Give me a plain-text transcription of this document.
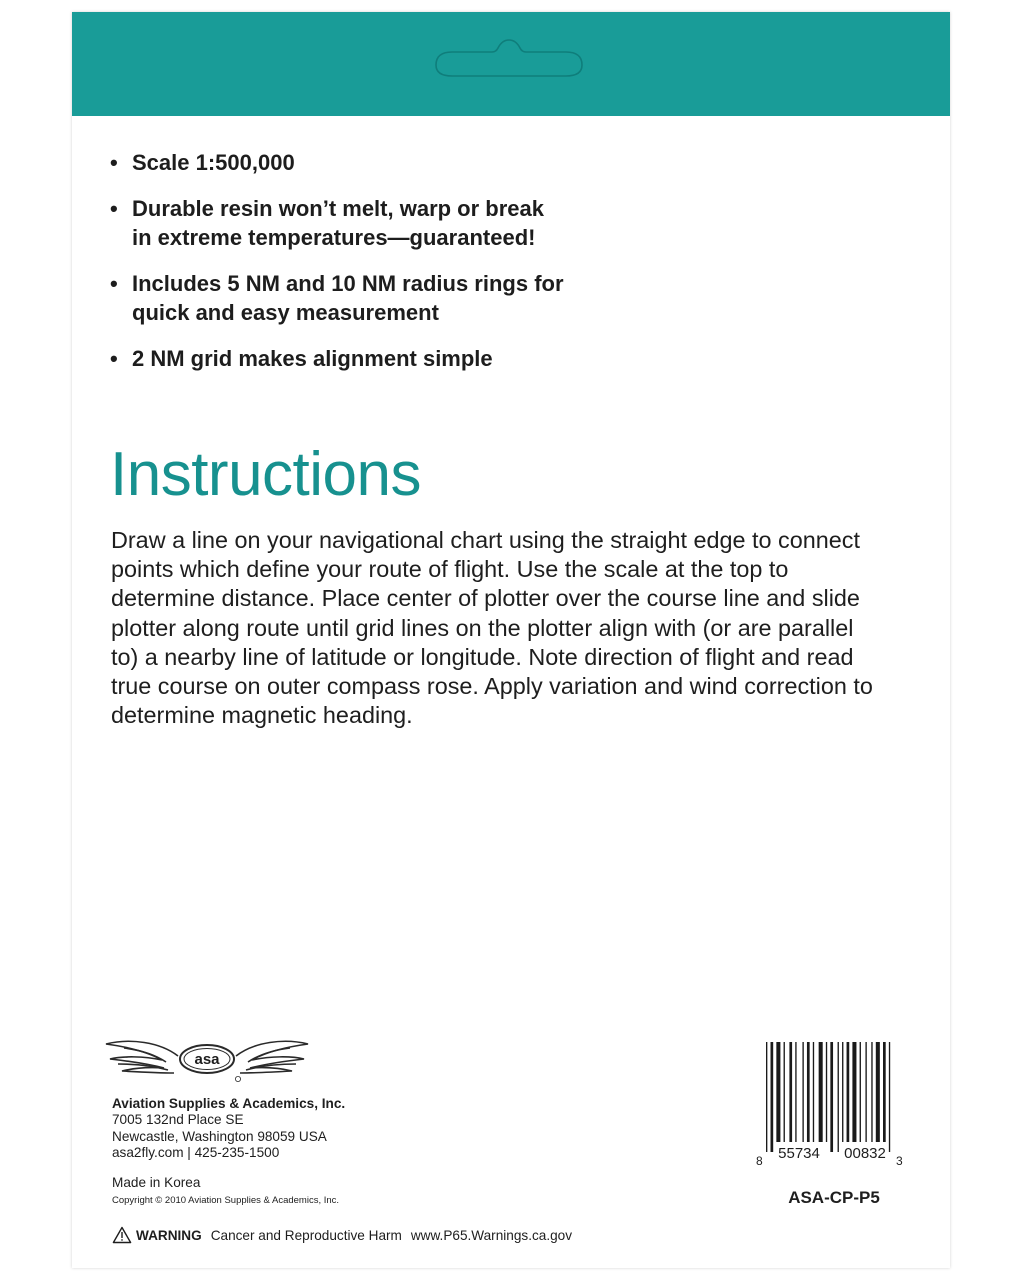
• Scale 1:500,000
• Durable resin won’t melt, warp or break
in extreme temperatures—guaranteed!
• Includes 5 NM and 10 NM radius rings for
quick and easy measurement
• 2 NM grid makes alignment simple
Instructions

Draw a line on your navigational chart using the straight edge to connect
points which define your route of flight. Use the scale at the top to
determine distance. Place center of plotter over the course line and slide
plotter along route until grid lines on the plotter align with (or are parallel
to) a nearby line of latitude or longitude. Note direction of flight and read
true course on outer compass rose. Apply variation and wind correction to
determine magnetic heading.

asa
Aviation Supplies & Academics, Inc.
7005 132nd Place SE
Newcastle, Washington 98059 USA
asa2fly.com | 425-235-1500
Made in Korea
Copyright © 2010 Aviation Supplies & Academics, Inc.
WARNING Cancer and Reproductive Harm www.P65.Warnings.ca.gov
8 55734 00832 3
ASA-CP-P5
